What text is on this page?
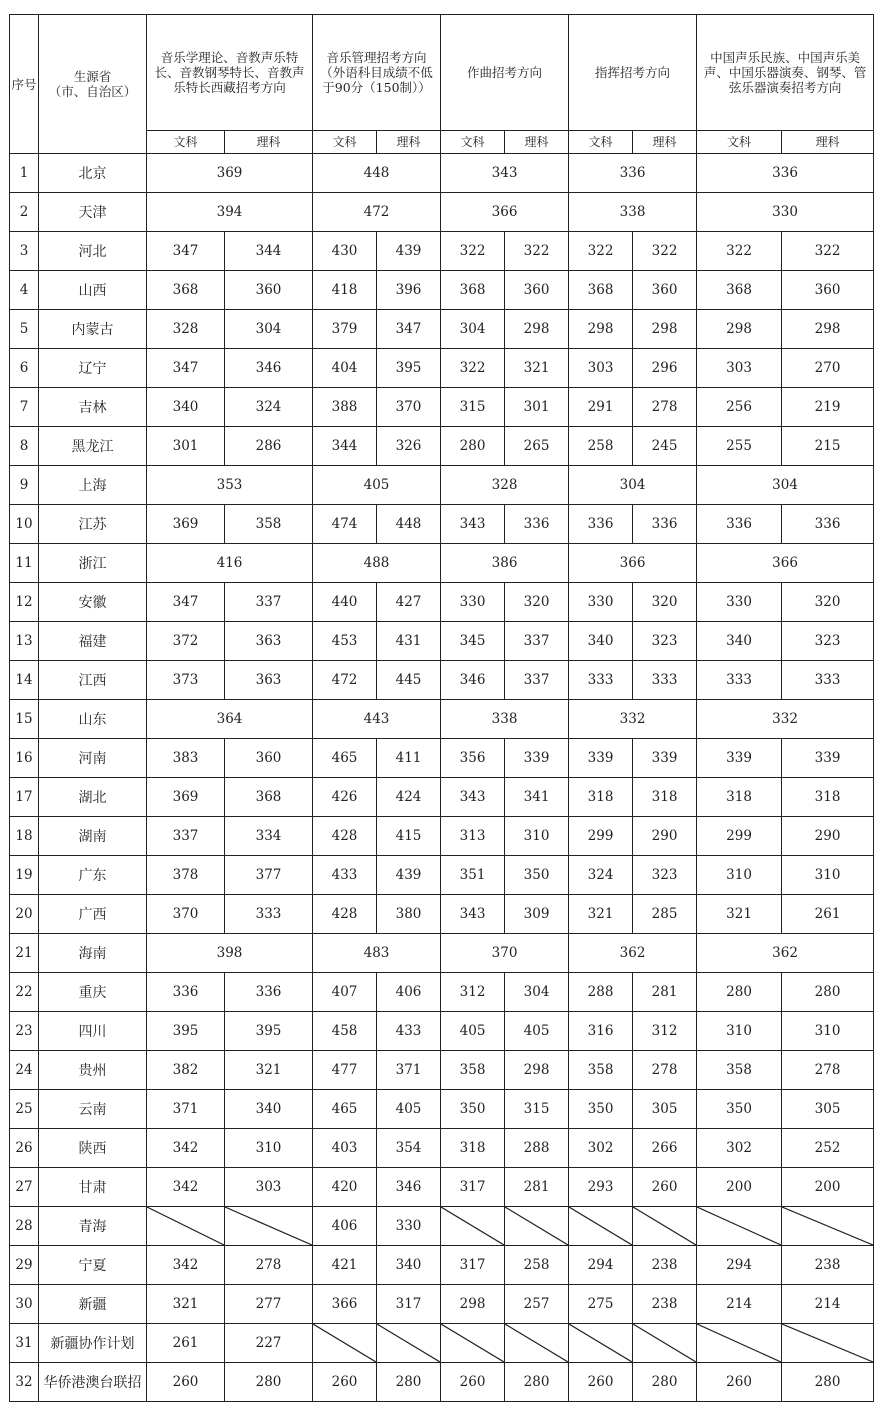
序号	生源省
（市、自治区）	音乐学理论、音教声乐特长、音教钢琴特长、音教声乐特长西藏招考方向		音乐管理招考方向
（外语科目成绩不低于90分（150制））		作曲招考方向		指挥招考方向		中国声乐民族、中国声乐美声、中国乐器演奏、钢琴、管弦乐器演奏招考方向	
		文科	理科	文科	理科	文科	理科	文科	理科	文科	理科
1	北京	369		448		343		336		336	
2	天津	394		472		366		338		330	
3	河北	347	344	430	439	322	322	322	322	322	322
4	山西	368	360	418	396	368	360	368	360	368	360
5	内蒙古	328	304	379	347	304	298	298	298	298	298
6	辽宁	347	346	404	395	322	321	303	296	303	270
7	吉林	340	324	388	370	315	301	291	278	256	219
8	黑龙江	301	286	344	326	280	265	258	245	255	215
9	上海	353		405		328		304		304	
10	江苏	369	358	474	448	343	336	336	336	336	336
11	浙江	416		488		386		366		366	
12	安徽	347	337	440	427	330	320	330	320	330	320
13	福建	372	363	453	431	345	337	340	323	340	323
14	江西	373	363	472	445	346	337	333	333	333	333
15	山东	364		443		338		332		332	
16	河南	383	360	465	411	356	339	339	339	339	339
17	湖北	369	368	426	424	343	341	318	318	318	318
18	湖南	337	334	428	415	313	310	299	290	299	290
19	广东	378	377	433	439	351	350	324	323	310	310
20	广西	370	333	428	380	343	309	321	285	321	261
21	海南	398		483		370		362		362	
22	重庆	336	336	407	406	312	304	288	281	280	280
23	四川	395	395	458	433	405	405	316	312	310	310
24	贵州	382	321	477	371	358	298	358	278	358	278
25	云南	371	340	465	405	350	315	350	305	350	305
26	陕西	342	310	403	354	318	288	302	266	302	252
27	甘肃	342	303	420	346	317	281	293	260	200	200
28	青海			406	330	

29	宁夏	342	278	421	340	317	258	294	238	294	238
30	新疆	321	277	366	317	298	257	275	238	214	214
31	新疆协作计划	261	227	

32	华侨港澳台联招	260	280	260	280	260	280	260	280	260	280
